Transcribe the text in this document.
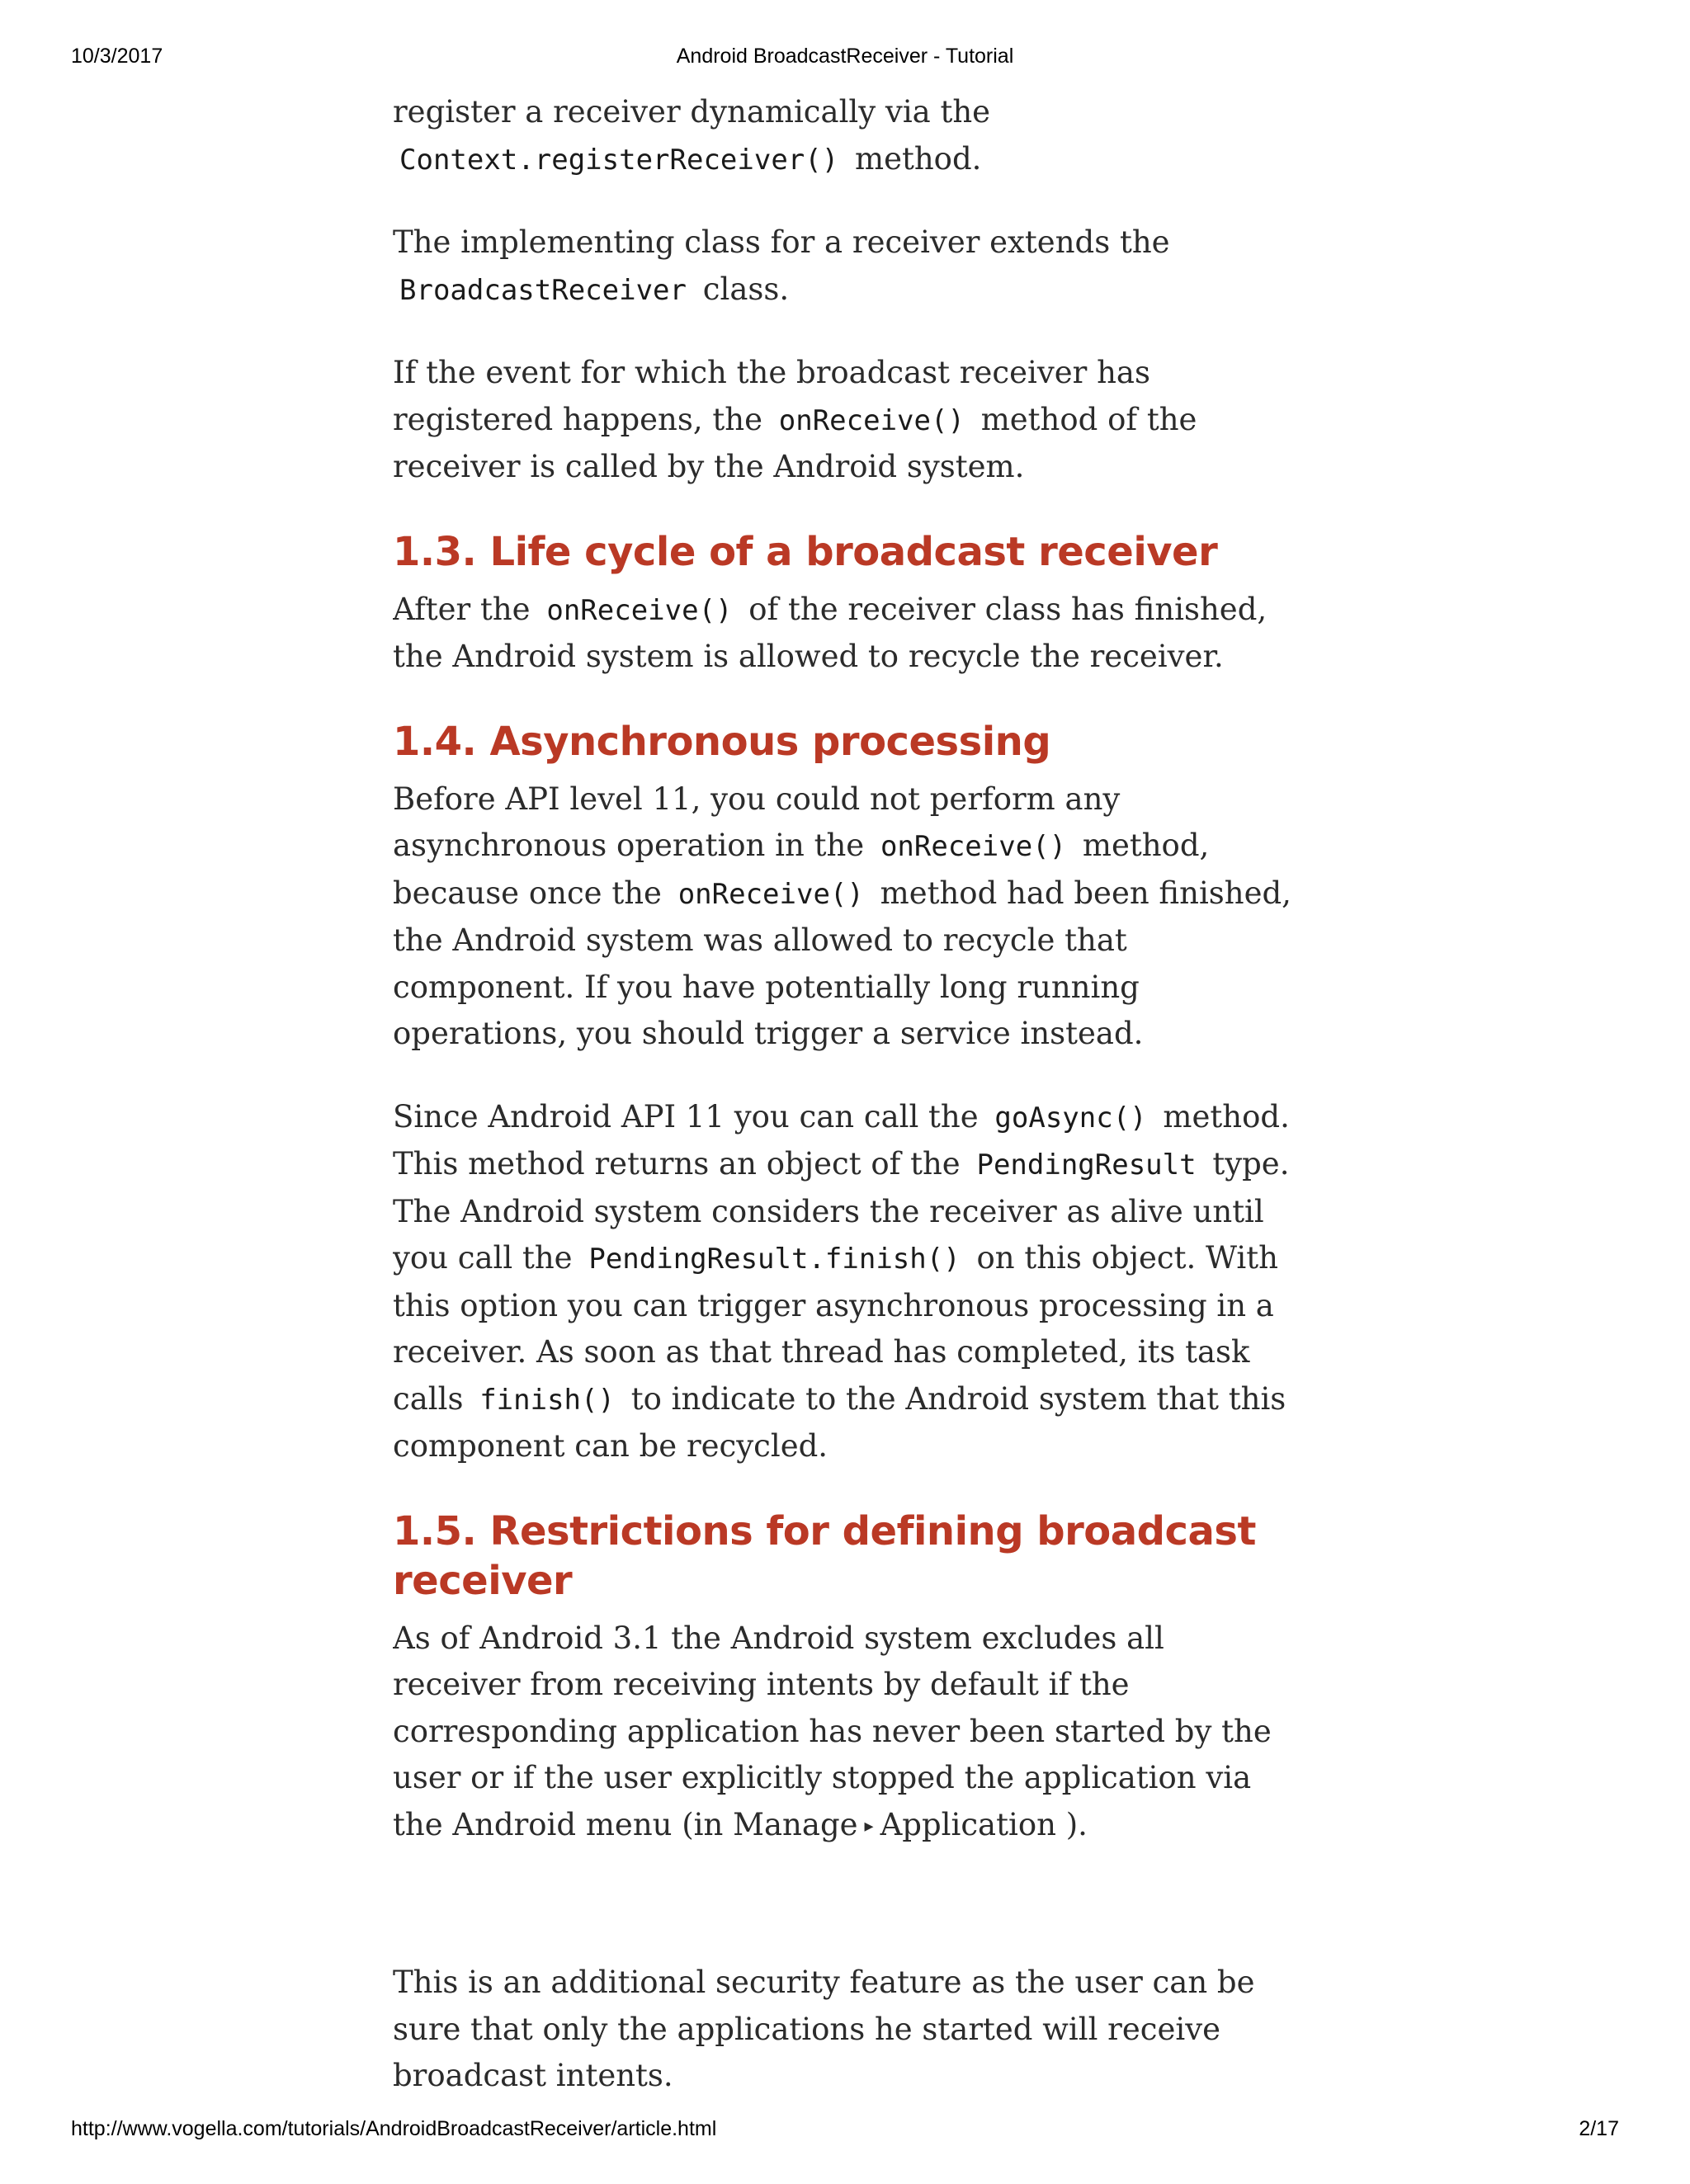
10/3/2017	Android BroadcastReceiver - Tutorial

register a receiver dynamically via the Context.registerReceiver() method.

The implementing class for a receiver extends the BroadcastReceiver class.

If the event for which the broadcast receiver has registered happens, the onReceive() method of the receiver is called by the Android system.

1.3. Life cycle of a broadcast receiver

After the onReceive() of the receiver class has finished, the Android system is allowed to recycle the receiver.

1.4. Asynchronous processing

Before API level 11, you could not perform any asynchronous operation in the onReceive() method, because once the onReceive() method had been finished, the Android system was allowed to recycle that component. If you have potentially long running operations, you should trigger a service instead.

Since Android API 11 you can call the goAsync() method. This method returns an object of the PendingResult type. The Android system considers the receiver as alive until you call the PendingResult.finish() on this object. With this option you can trigger asynchronous processing in a receiver. As soon as that thread has completed, its task calls finish() to indicate to the Android system that this component can be recycled.

1.5. Restrictions for defining broadcast receiver

As of Android 3.1 the Android system excludes all receiver from receiving intents by default if the corresponding application has never been started by the user or if the user explicitly stopped the application via the Android menu (in Manage ▸ Application ).

This is an additional security feature as the user can be sure that only the applications he started will receive broadcast intents.

http://www.vogella.com/tutorials/AndroidBroadcastReceiver/article.html	2/17
